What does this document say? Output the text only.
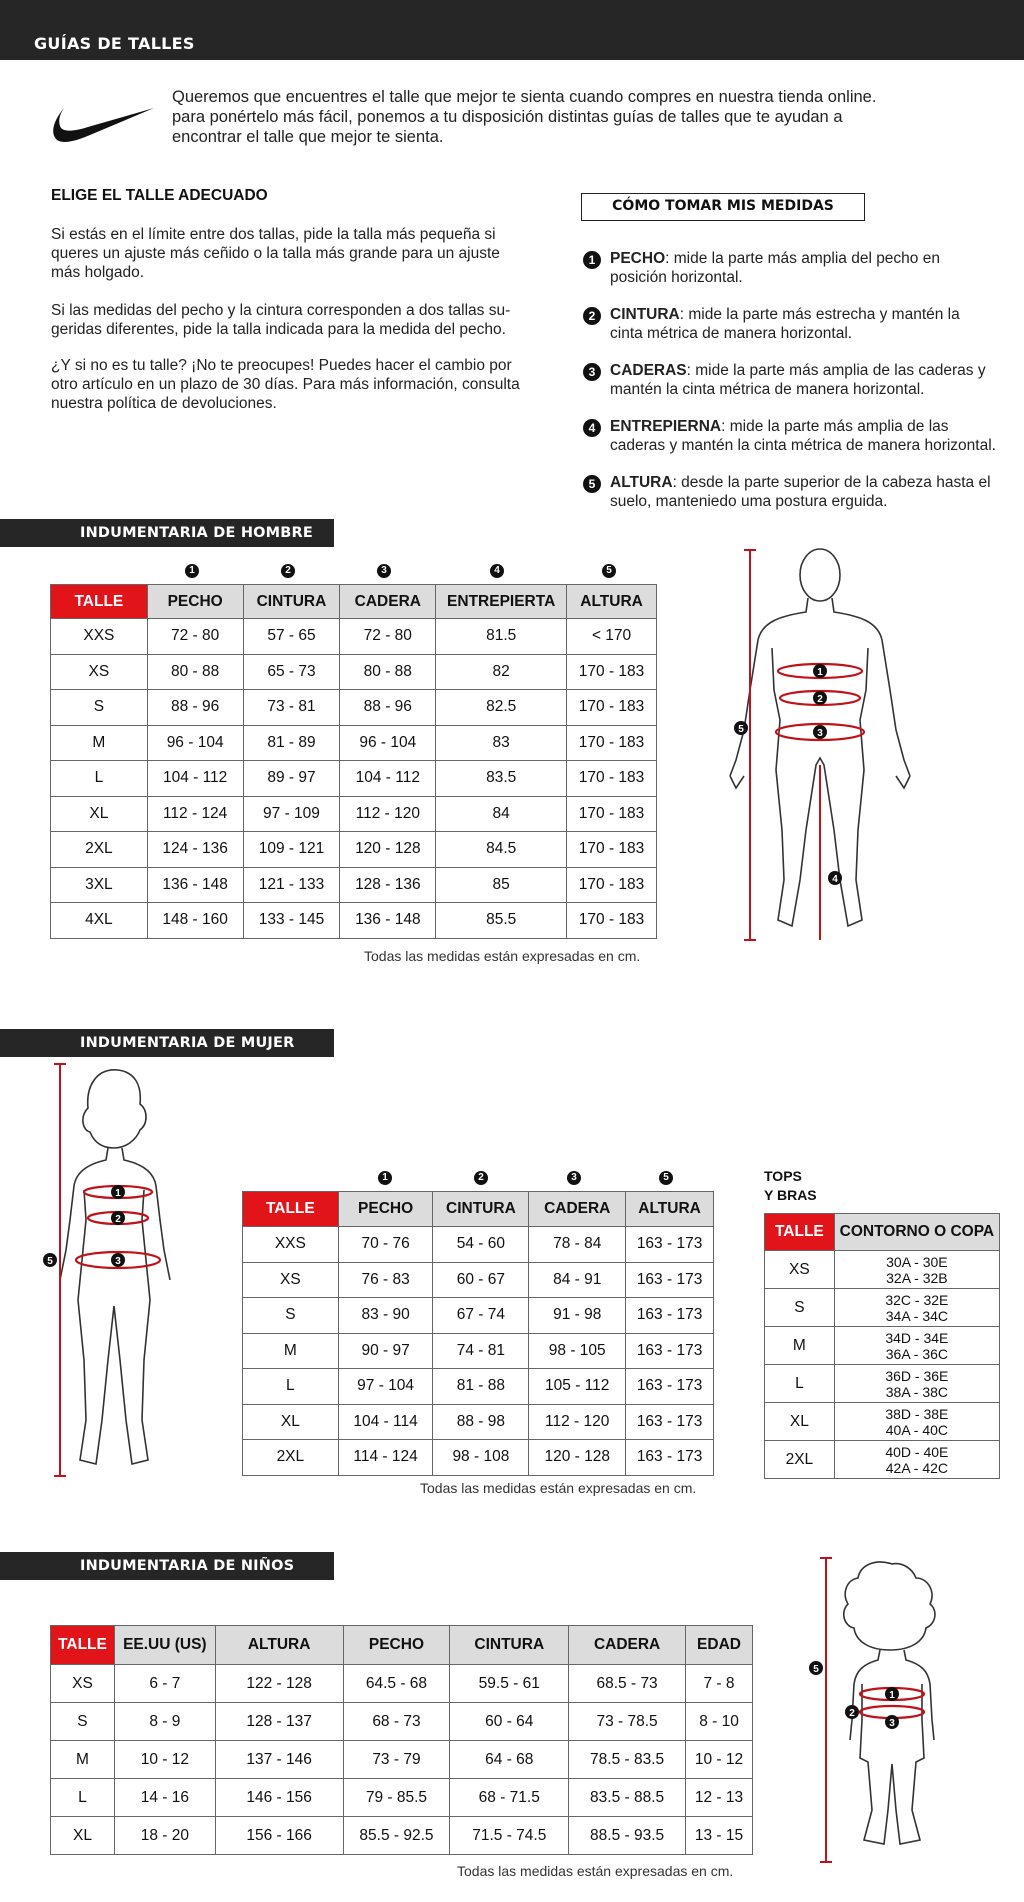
GUÍAS DE TALLES
Queremos que encuentres el talle que mejor te sienta cuando compres en nuestra tienda online.
para ponértelo más fácil, ponemos a tu disposición distintas guías de talles que te ayudan a
encontrar el talle que mejor te sienta.
ELIGE EL TALLE ADECUADO
Si estás en el límite entre dos tallas, pide la talla más pequeña si
queres un ajuste más ceñido o la talla más grande para un ajuste
más holgado.
Si las medidas del pecho y la cintura corresponden a dos tallas su-
geridas diferentes, pide la talla indicada para la medida del pecho.
¿Y si no es tu talle? ¡No te preocupes! Puedes hacer el cambio por
otro artículo en un plazo de 30 días. Para más información, consulta
nuestra política de devoluciones.
CÓMO TOMAR MIS MEDIDAS
1 PECHO: mide la parte más amplia del pecho en
posición horizontal.
2 CINTURA: mide la parte más estrecha y mantén la
cinta métrica de manera horizontal.
3 CADERAS: mide la parte más amplia de las caderas y
mantén la cinta métrica de manera horizontal.
4 ENTREPIERNA: mide la parte más amplia de las
caderas y mantén la cinta métrica de manera horizontal.
5 ALTURA: desde la parte superior de la cabeza hasta el
suelo, manteniedo uma postura erguida.
INDUMENTARIA DE HOMBRE
1	2	3	4	5
TALLE	PECHO	CINTURA	CADERA	ENTREPIERTA	ALTURA
XXS	72 - 80	57 - 65	72 - 80	81.5	< 170
XS	80 - 88	65 - 73	80 - 88	82	170 - 183
S	88 - 96	73 - 81	88 - 96	82.5	170 - 183
M	96 - 104	81 - 89	96 - 104	83	170 - 183
L	104 - 112	89 - 97	104 - 112	83.5	170 - 183
XL	112 - 124	97 - 109	112 - 120	84	170 - 183
2XL	124 - 136	109 - 121	120 - 128	84.5	170 - 183
3XL	136 - 148	121 - 133	128 - 136	85	170 - 183
4XL	148 - 160	133 - 145	136 - 148	85.5	170 - 183
Todas las medidas están expresadas en cm.
1
2
3
4
5
INDUMENTARIA DE MUJER
1
2
3
5
1	2	3	5
TALLE	PECHO	CINTURA	CADERA	ALTURA
XXS	70 - 76	54 - 60	78 - 84	163 - 173
XS	76 - 83	60 - 67	84 - 91	163 - 173
S	83 - 90	67 - 74	91 - 98	163 - 173
M	90 - 97	74 - 81	98 - 105	163 - 173
L	97 - 104	81 - 88	105 - 112	163 - 173
XL	104 - 114	88 - 98	112 - 120	163 - 173
2XL	114 - 124	98 - 108	120 - 128	163 - 173
Todas las medidas están expresadas en cm.
TOPS
Y BRAS
TALLE	CONTORNO O COPA
XS	30A - 30E
32A - 32B

S	32C - 32E
34A - 34C

M	34D - 34E
36A - 36C

L	36D - 36E
38A - 38C

XL	38D - 38E
40A - 40C

2XL	40D - 40E
42A - 42C
INDUMENTARIA DE NIÑOS
TALLE	EE.UU (US)	ALTURA	PECHO	CINTURA	CADERA	EDAD
XS	6 - 7	122 - 128	64.5 - 68	59.5 - 61	68.5 - 73	7 - 8
S	8 - 9	128 - 137	68 - 73	60 - 64	73 - 78.5	8 - 10
M	10 - 12	137 - 146	73 - 79	64 - 68	78.5 - 83.5	10 - 12
L	14 - 16	146 - 156	79 - 85.5	68 - 71.5	83.5 - 88.5	12 - 13
XL	18 - 20	156 - 166	85.5 - 92.5	71.5 - 74.5	88.5 - 93.5	13 - 15
Todas las medidas están expresadas en cm.
1
2
3
5
